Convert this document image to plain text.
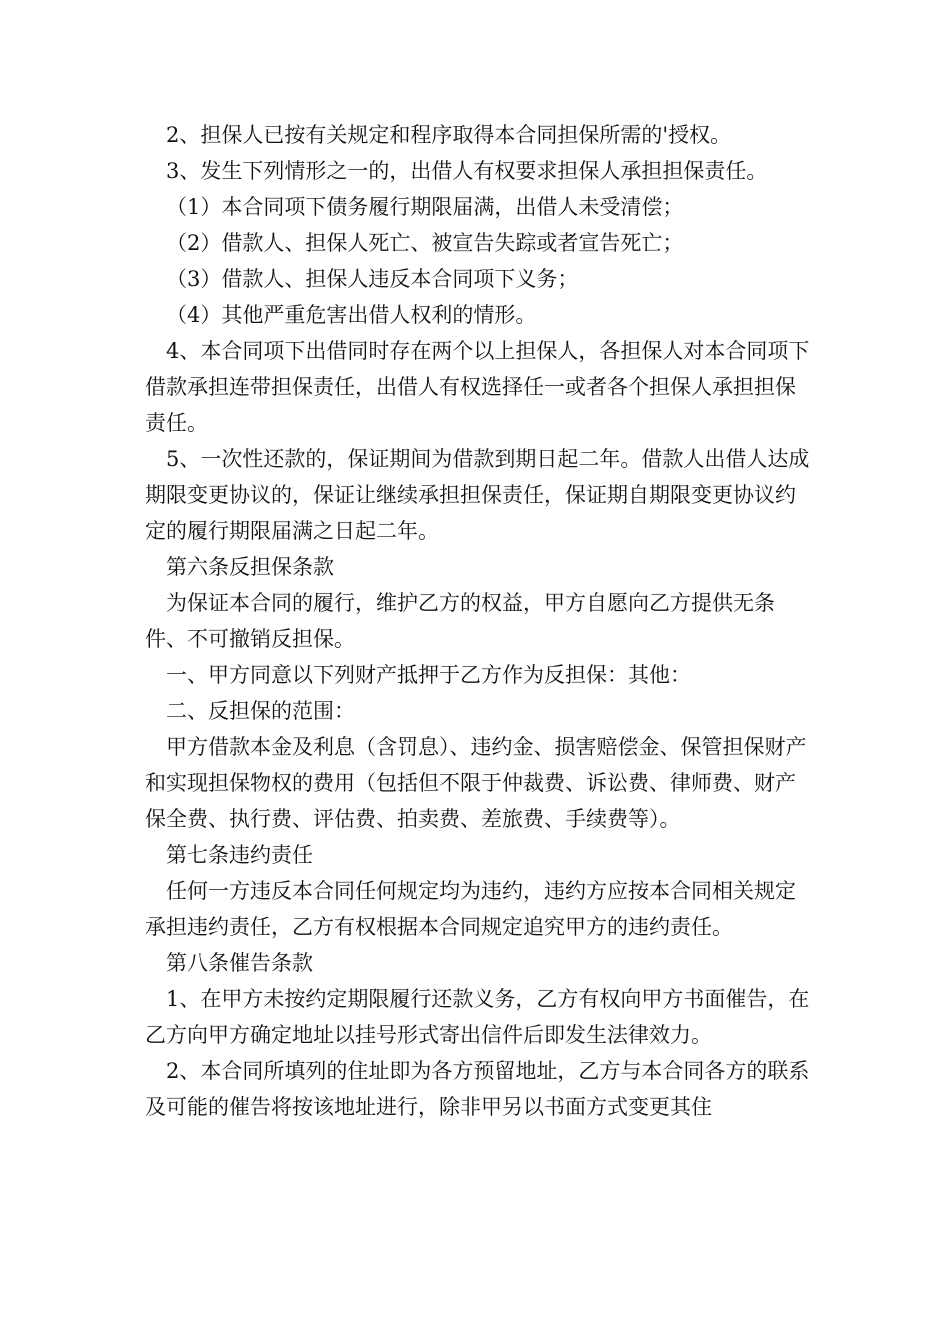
2、担保人已按有关规定和程序取得本合同担保所需的'授权。

3、发生下列情形之一的，出借人有权要求担保人承担担保责任。

（1）本合同项下债务履行期限届满，出借人未受清偿；

（2）借款人、担保人死亡、被宣告失踪或者宣告死亡；

（3）借款人、担保人违反本合同项下义务；

（4）其他严重危害出借人权利的情形。

4、本合同项下出借同时存在两个以上担保人，各担保人对本合同项下借款承担连带担保责任，出借人有权选择任一或者各个担保人承担担保责任。

5、一次性还款的，保证期间为借款到期日起二年。借款人出借人达成期限变更协议的，保证让继续承担担保责任，保证期自期限变更协议约定的履行期限届满之日起二年。

第六条反担保条款

为保证本合同的履行，维护乙方的权益，甲方自愿向乙方提供无条件、不可撤销反担保。

一、甲方同意以下列财产抵押于乙方作为反担保：其他：

二、反担保的范围：

甲方借款本金及利息（含罚息）、违约金、损害赔偿金、保管担保财产和实现担保物权的费用（包括但不限于仲裁费、诉讼费、律师费、财产保全费、执行费、评估费、拍卖费、差旅费、手续费等）。

第七条违约责任

任何一方违反本合同任何规定均为违约，违约方应按本合同相关规定承担违约责任，乙方有权根据本合同规定追究甲方的违约责任。

第八条催告条款

1、在甲方未按约定期限履行还款义务，乙方有权向甲方书面催告，在乙方向甲方确定地址以挂号形式寄出信件后即发生法律效力。

2、本合同所填列的住址即为各方预留地址，乙方与本合同各方的联系及可能的催告将按该地址进行，除非甲另以书面方式变更其住
